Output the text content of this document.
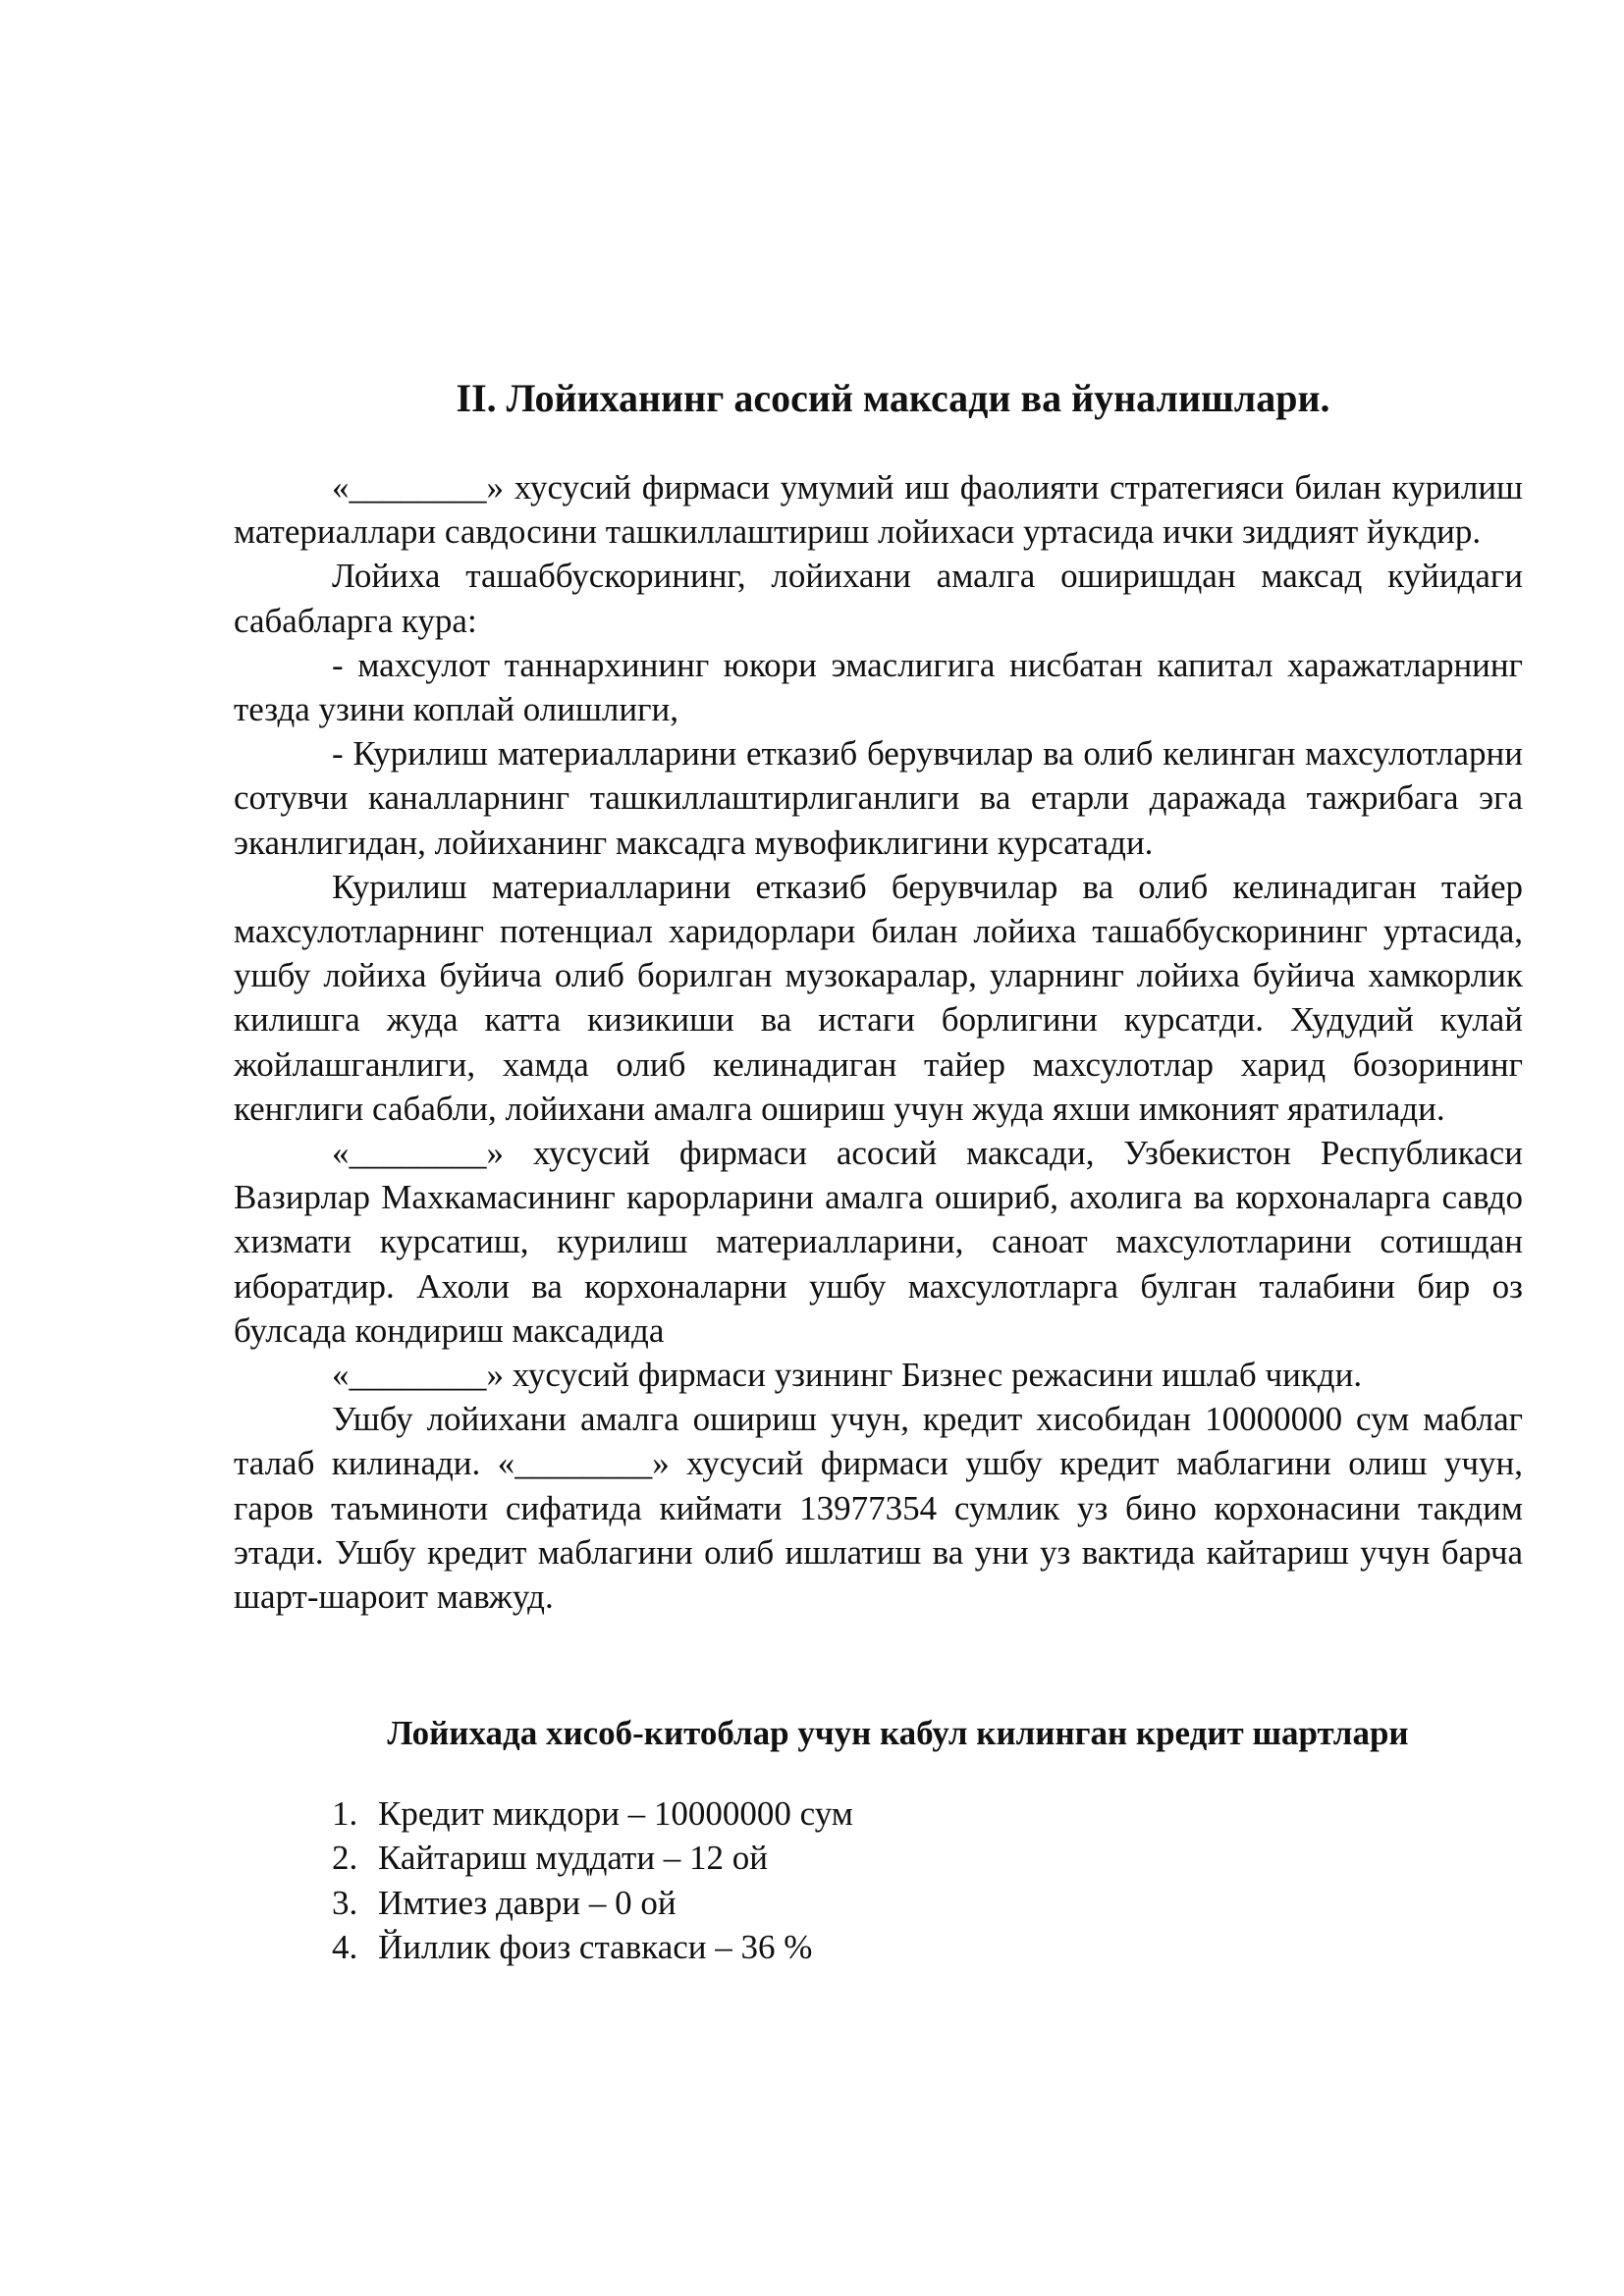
II. Лойиханинг асосий максади ва йуналишлари.

«________» хусусий фирмаси умумий иш фаолияти стратегияси билан курилиш материаллари савдосини ташкиллаштириш лойихаси уртасида ички зиддият йукдир.

Лойиха ташаббускорининг, лойихани амалга оширишдан максад куйидаги сабабларга кура:

- махсулот таннархининг юкори эмаслигига нисбатан капитал харажатларнинг тезда узини коплай олишлиги,

- Курилиш материалларини етказиб берувчилар ва олиб келинган махсулотларни сотувчи каналларнинг ташкиллаштирлиганлиги ва етарли даражада тажрибага эга эканлигидан, лойиханинг максадга мувофиклигини курсатади.

Курилиш материалларини етказиб берувчилар ва олиб келинадиган тайер махсулотларнинг потенциал харидорлари билан лойиха ташаббускорининг уртасида, ушбу лойиха буйича олиб борилган музокаралар, уларнинг лойиха буйича хамкорлик килишга жуда катта кизикиши ва истаги борлигини курсатди. Худудий кулай жойлашганлиги, хамда олиб келинадиган тайер махсулотлар харид бозорининг кенглиги сабабли, лойихани амалга ошириш учун жуда яхши имконият яратилади.

«________» хусусий фирмаси асосий максади, Узбекистон Республикаси Вазирлар Махкамасининг карорларини амалга ошириб, ахолига ва корхоналарга савдо хизмати курсатиш, курилиш материалларини, саноат махсулотларини сотишдан иборатдир. Ахоли ва корхоналарни ушбу махсулотларга булган талабини бир оз булсада кондириш максадида

«________» хусусий фирмаси узининг Бизнес режасини ишлаб чикди.

Ушбу лойихани амалга ошириш учун, кредит хисобидан 10000000 сум маблаг талаб килинади. «________» хусусий фирмаси ушбу кредит маблагини олиш учун, гаров таъминоти сифатида киймати 13977354 сумлик уз бино корхонасини такдим этади. Ушбу кредит маблагини олиб ишлатиш ва уни уз вактида кайтариш учун барча шарт-шароит мавжуд.

Лойихада хисоб-китоблар учун кабул килинган кредит шартлари
1. Кредит микдори – 10000000 сум
2. Кайтариш муддати – 12 ой
3. Имтиез даври – 0 ой
4. Йиллик фоиз ставкаси – 36 %
